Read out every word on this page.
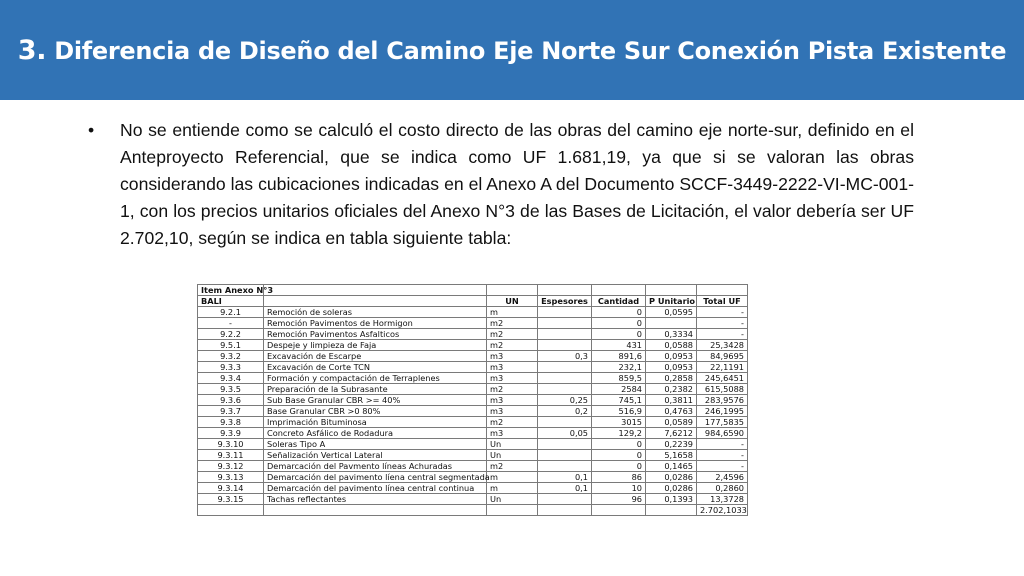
3. Diferencia de Diseño del Camino Eje Norte Sur Conexión Pista Existente
• No se entiende como se calculó el costo directo de las obras del camino eje norte-sur, definido en el Anteproyecto Referencial, que se indica como UF 1.681,19, ya que si se valoran las obras considerando las cubicaciones indicadas en el Anexo A del Documento SCCF-3449-2222-VI-MC-001-1, con los precios unitarios oficiales del Anexo N°3 de las Bases de Licitación, el valor debería ser UF 2.702,10, según se indica en tabla siguiente tabla:
Item Anexo N°3						
BALI		UN	Espesores	Cantidad	P Unitario	Total UF
9.2.1	Remoción de soleras	m		0	0,0595	-
-	Remoción Pavimentos de Hormigon	m2		0		-
9.2.2	Remoción Pavimentos Asfalticos	m2		0	0,3334	-
9.5.1	Despeje y limpieza de Faja	m2		431	0,0588	25,3428
9.3.2	Excavación de Escarpe	m3	0,3	891,6	0,0953	84,9695
9.3.3	Excavación de Corte TCN	m3		232,1	0,0953	22,1191
9.3.4	Formación y compactación de Terraplenes	m3		859,5	0,2858	245,6451
9.3.5	Preparación de la Subrasante	m2		2584	0,2382	615,5088
9.3.6	Sub Base Granular CBR >= 40%	m3	0,25	745,1	0,3811	283,9576
9.3.7	Base Granular CBR >0 80%	m3	0,2	516,9	0,4763	246,1995
9.3.8	Imprimación Bituminosa	m2		3015	0,0589	177,5835
9.3.9	Concreto Asfálico de Rodadura	m3	0,05	129,2	7,6212	984,6590
9.3.10	Soleras Tipo A	Un		0	0,2239	-
9.3.11	Señalización Vertical Lateral	Un		0	5,1658	-
9.3.12	Demarcación del Pavmento líneas Achuradas	m2		0	0,1465	-
9.3.13	Demarcación del pavimento líena central segmentada	m	0,1	86	0,0286	2,4596
9.3.14	Demarcación del pavimento línea central continua	m	0,1	10	0,0286	0,2860
9.3.15	Tachas reflectantes	Un		96	0,1393	13,3728
						2.702,1033
